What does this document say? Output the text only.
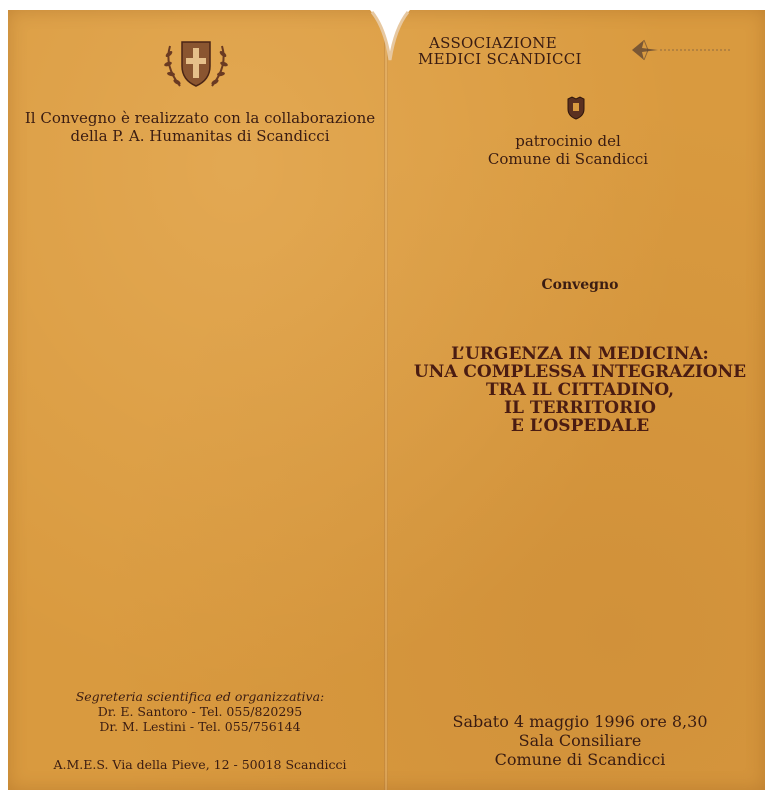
Il Convegno è realizzato con la collaborazione
della P. A. Humanitas di Scandicci
Segreteria scientifica ed organizzativa:
Dr. E. Santoro - Tel. 055/820295
Dr. M. Lestini - Tel. 055/756144
A.M.E.S. Via della Pieve, 12 - 50018 Scandicci
ASSOCIAZIONE
MEDICI SCANDICCI
patrocinio del
Comune di Scandicci
Convegno
L’URGENZA IN MEDICINA:
UNA COMPLESSA INTEGRAZIONE
TRA IL CITTADINO,
IL TERRITORIO
E L’OSPEDALE
Sabato 4 maggio 1996 ore 8,30
Sala Consiliare
Comune di Scandicci
